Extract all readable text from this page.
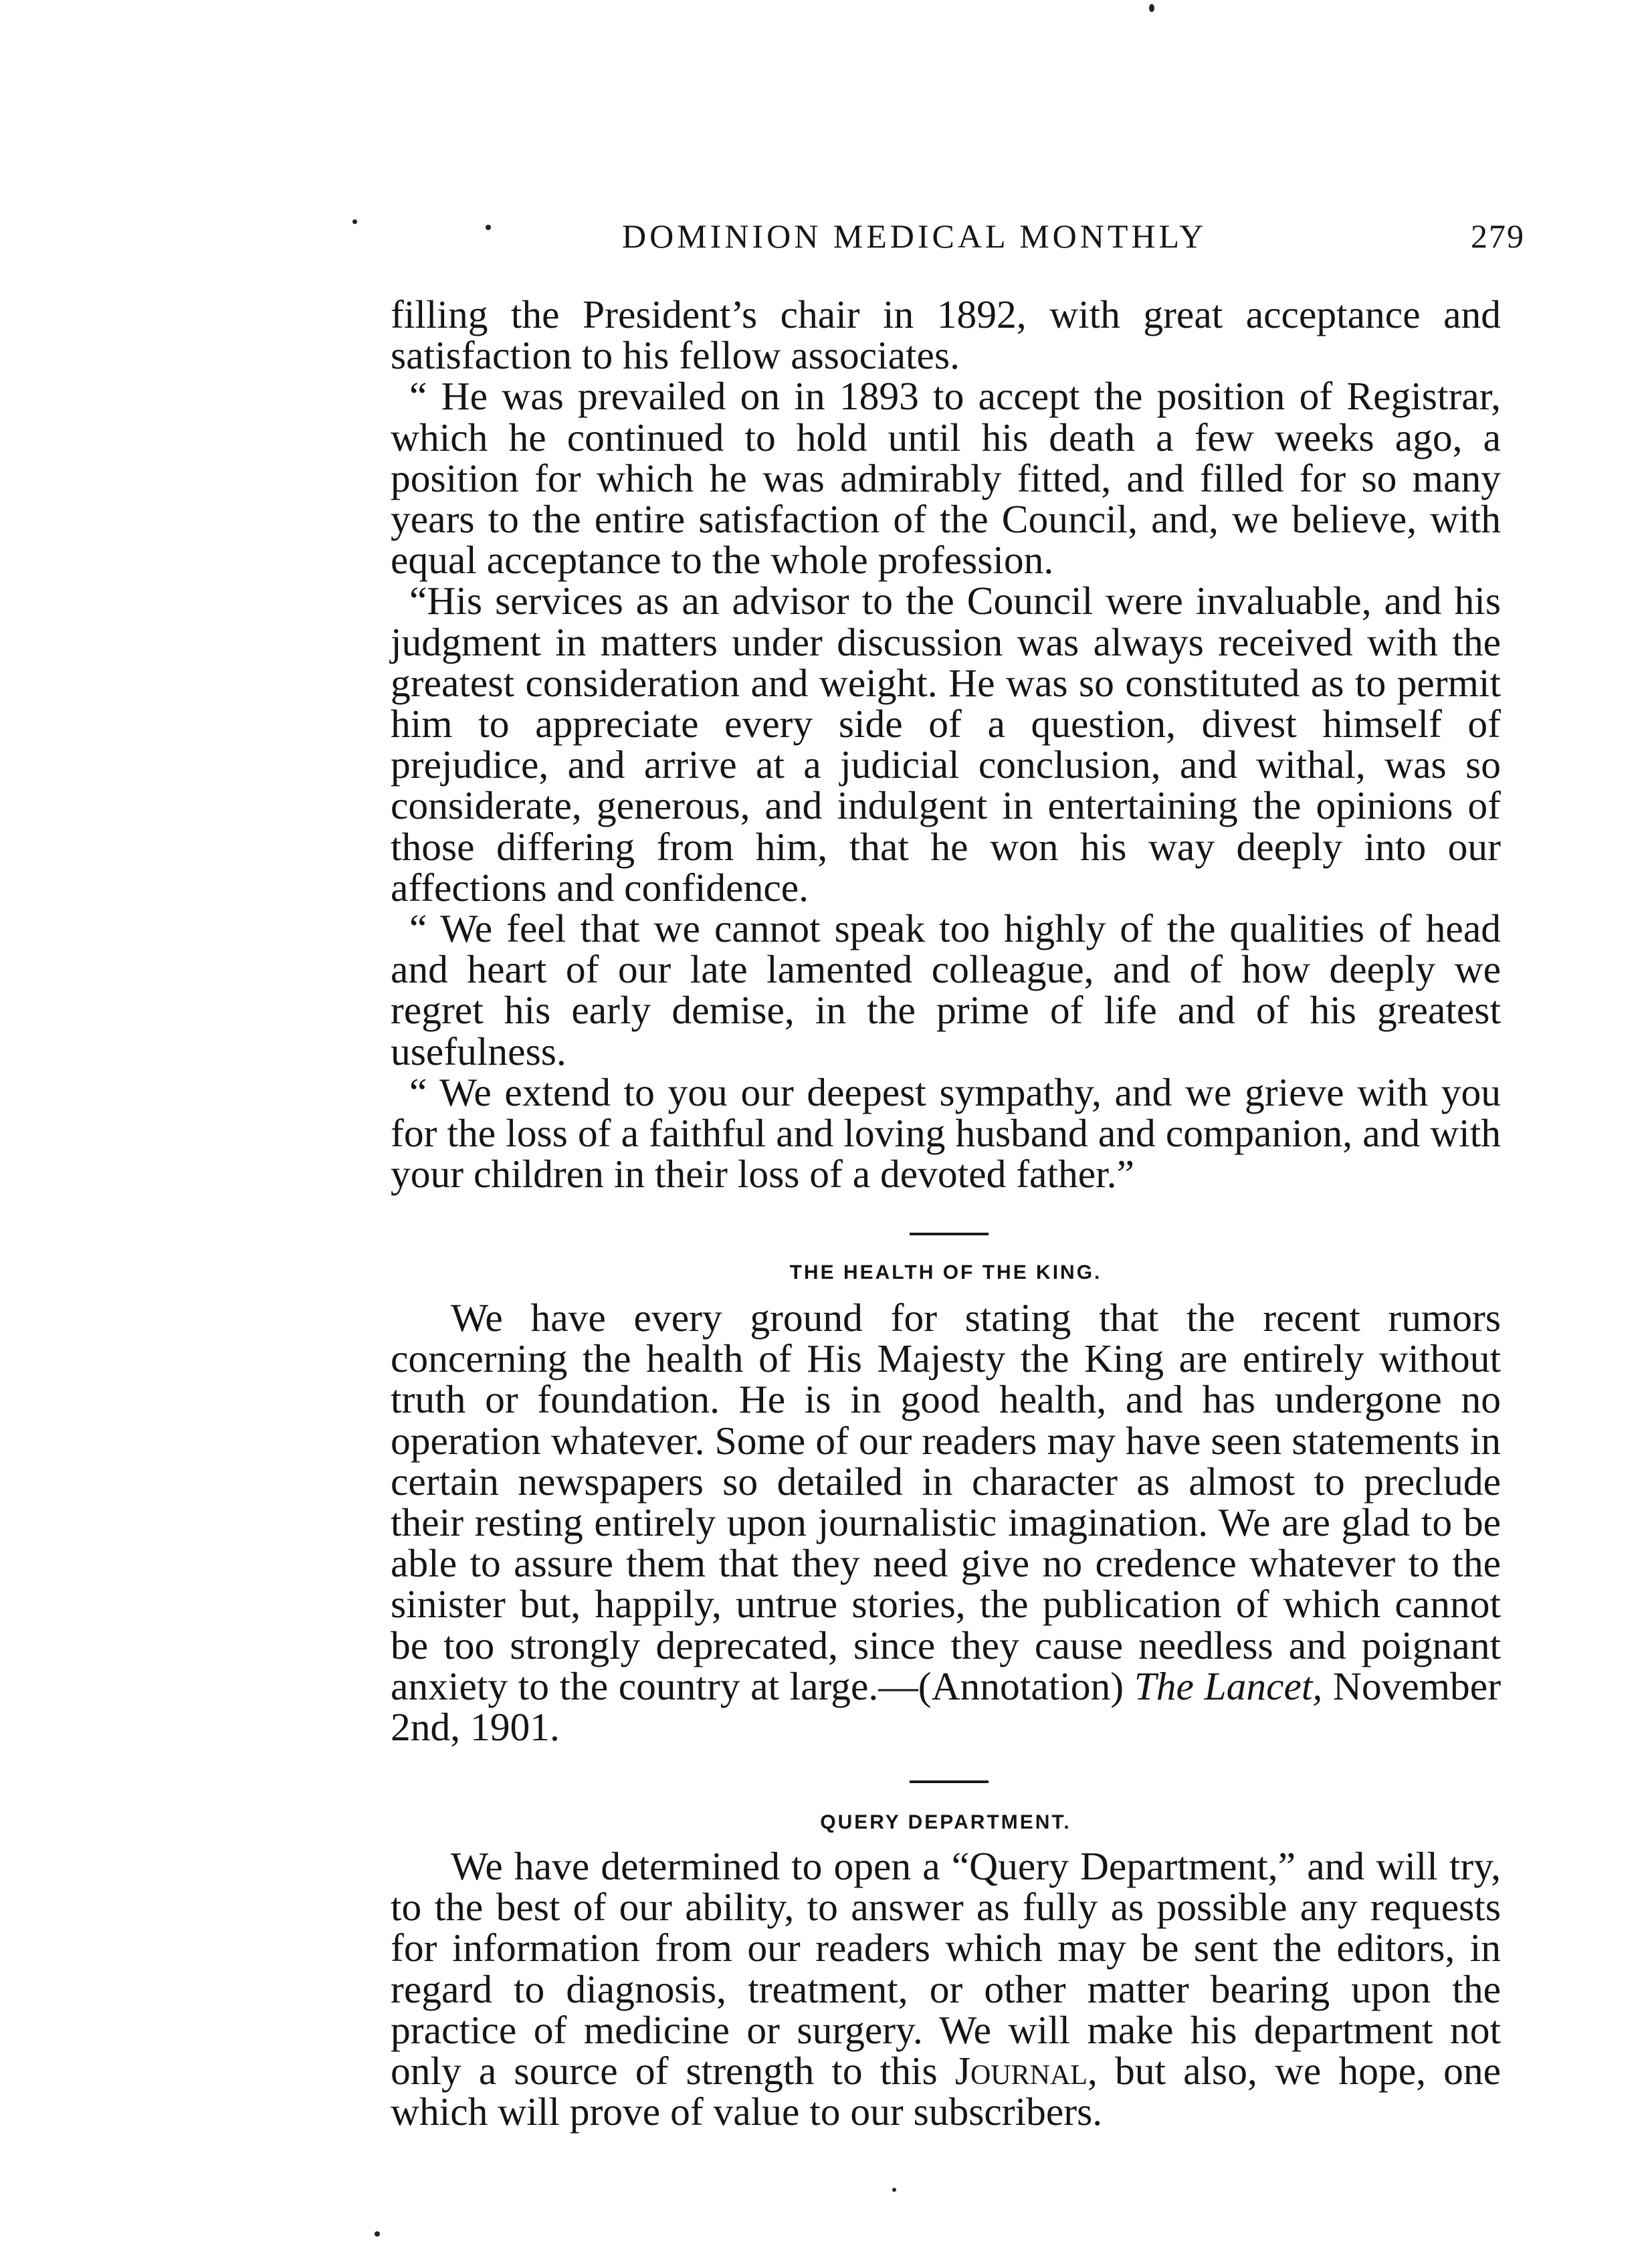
DOMINION MEDICAL MONTHLY	279

filling the President’s chair in 1892, with great acceptance and satisfaction to his fellow associates.

“ He was prevailed on in 1893 to accept the position of Registrar, which he continued to hold until his death a few weeks ago, a position for which he was admirably fitted, and filled for so many years to the entire satisfaction of the Council, and, we believe, with equal acceptance to the whole profession.

“His services as an advisor to the Council were invaluable, and his judgment in matters under discussion was always received with the greatest consideration and weight. He was so constituted as to permit him to appreciate every side of a question, divest himself of prejudice, and arrive at a judicial conclusion, and withal, was so considerate, generous, and indulgent in entertaining the opinions of those differing from him, that he won his way deeply into our affections and confidence.

“ We feel that we cannot speak too highly of the qualities of head and heart of our late lamented colleague, and of how deeply we regret his early demise, in the prime of life and of his greatest usefulness.

“ We extend to you our deepest sympathy, and we grieve with you for the loss of a faithful and loving husband and companion, and with your children in their loss of a devoted father.”

THE HEALTH OF THE KING.

We have every ground for stating that the recent rumors concerning the health of His Majesty the King are entirely without truth or foundation. He is in good health, and has undergone no operation whatever. Some of our readers may have seen statements in certain newspapers so detailed in character as almost to preclude their resting entirely upon journalistic imagination. We are glad to be able to assure them that they need give no credence whatever to the sinister but, happily, untrue stories, the publication of which cannot be too strongly deprecated, since they cause needless and poignant anxiety to the country at large.—(Annotation) The Lancet, November 2nd, 1901.

QUERY DEPARTMENT.

We have determined to open a “Query Department,” and will try, to the best of our ability, to answer as fully as possible any requests for information from our readers which may be sent the editors, in regard to diagnosis, treatment, or other matter bearing upon the practice of medicine or surgery. We will make his department not only a source of strength to this Journal, but also, we hope, one which will prove of value to our subscribers.
